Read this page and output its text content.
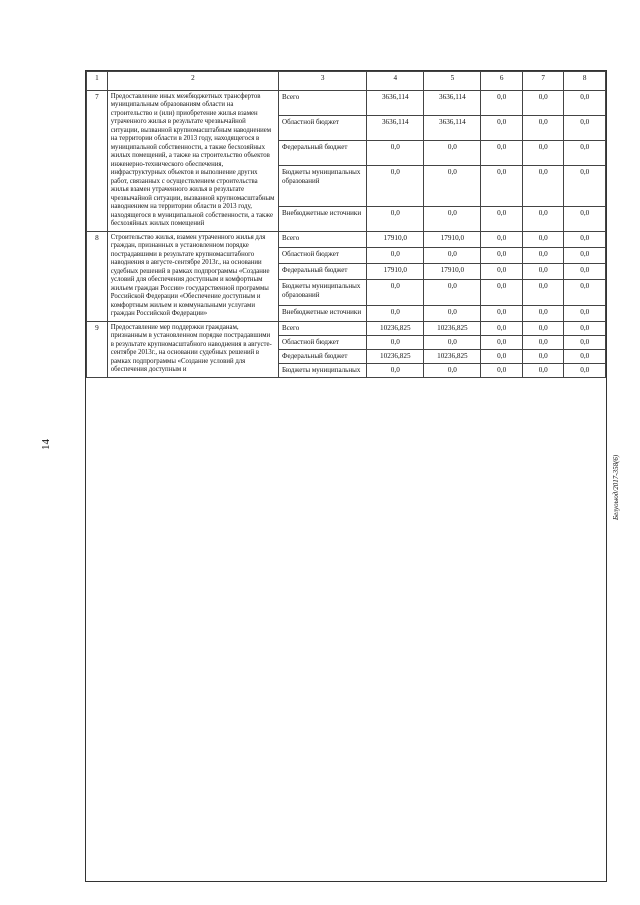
14
Белуоьюд/2017-358(6)
1	2	3	4	5	6	7	8
7	Предоставление иных межбюджетных трансфертов муниципальным образованиям области на строительство и (или) приобретение жилья взамен утраченного жилья в результате чрезвычайной ситуации, вызванной крупномасштабным наводнением на территории области в 2013 году, находящегося в муниципальной собственности, а также бесхозяйных жилых помещений, а также на строительство объектов инженерно-технического обеспечения, инфраструктурных объектов и выполнение других работ, связанных с осуществлением строительства жилья взамен утраченного жилья в результате чрезвычайной ситуации, вызванной крупномасштабным наводнением на территории области в 2013 году, находящегося в муниципальной собственности, а также бесхозяйных жилых помещений	Всего	3636,114	3636,114	0,0	0,0	0,0
		Областной бюджет	3636,114	3636,114	0,0	0,0	0,0
		Федеральный бюджет	0,0	0,0	0,0	0,0	0,0
		Бюджеты муниципальных образований	0,0	0,0	0,0	0,0	0,0
		Внебюджетные источники	0,0	0,0	0,0	0,0	0,0
8	Строительство жилья, взамен утраченного жилья для граждан, признанных в установленном порядке пострадавшими в результате крупномасштабного наводнения в августе-сентябре 2013г., на основании судебных решений в рамках подпрограммы «Создание условий для обеспечения доступным и комфортным жильем граждан России» государственной программы Российской Федерации «Обеспечение доступным и комфортным жильем и коммунальными услугами граждан Российской Федерации»	Всего	17910,0	17910,0	0,0	0,0	0,0
		Областной бюджет	0,0	0,0	0,0	0,0	0,0
		Федеральный бюджет	17910,0	17910,0	0,0	0,0	0,0
		Бюджеты муниципальных образований	0,0	0,0	0,0	0,0	0,0
		Внебюджетные источники	0,0	0,0	0,0	0,0	0,0
9	Предоставление мер поддержки гражданам, признанным в установленном порядке пострадавшими в результате крупномасштабного наводнения в августе-сентябре 2013г., на основании судебных решений в рамках подпрограммы «Создание условий для обеспечения доступным и	Всего	10236,825	10236,825	0,0	0,0	0,0
		Областной бюджет	0,0	0,0	0,0	0,0	0,0
		Федеральный бюджет	10236,825	10236,825	0,0	0,0	0,0
		Бюджеты муниципальных	0,0	0,0	0,0	0,0	0,0
